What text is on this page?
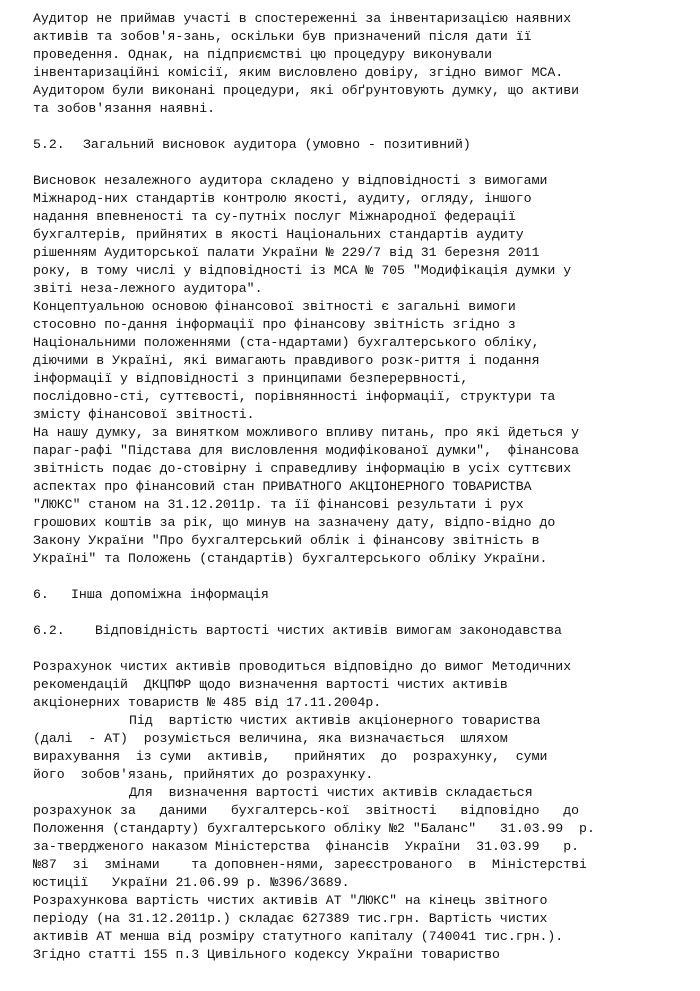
Аудитор не приймав участі в спостереженні за інвентаризацією наявних
активів та зобов'я-зань, оскільки був призначений після дати її
проведення. Однак, на підприємстві цю процедуру виконували
інвентаризаційні комісії, яким висловлено довіру, згідно вимог МСА.
Аудитором були виконані процедури, які обґрунтовують думку, що активи
та зобов'язання наявні.
5.2. Загальний висновок аудитора (умовно - позитивний)
Висновок незалежного аудитора складено у відповідності з вимогами
Міжнарод-них стандартів контролю якості, аудиту, огляду, іншого
надання впевненості та су-путніх послуг Міжнародної федерації
бухгалтерів, прийнятих в якості Національних стандартів аудиту
рішенням Аудиторської палати України № 229/7 від 31 березня 2011
року, в тому числі у відповідності із МСА № 705 "Модифікація думки у
звіті неза-лежного аудитора".
Концептуальною основою фінансової звітності є загальні вимоги
стосовно по-дання інформації про фінансову звітність згідно з
Національними положеннями (ста-ндартами) бухгалтерського обліку,
діючими в Україні, які вимагають правдивого розк-риття і подання
інформації у відповідності з принципами безперервності,
послідовно-сті, суттєвості, порівнянності інформації, структури та
змісту фінансової звітності.
На нашу думку, за винятком можливого впливу питань, про які йдеться у
параг-рафі "Підстава для висловлення модифікованої думки",  фінансова
звітність подає до-стовірну і справедливу інформацію в усіх суттєвих
аспектах про фінансовий стан ПРИВАТНОГО АКЦІОНЕРНОГО ТОВАРИСТВА
"ЛЮКС" станом на 31.12.2011р. та її фінансові результати і рух
грошових коштів за рік, що минув на зазначену дату, відпо-відно до
Закону України "Про бухгалтерський облік і фінансову звітність в
Україні" та Положень (стандартів) бухгалтерського обліку України.
6. Інша допоміжна інформація
6.2. Відповідність вартості чистих активів вимогам законодавства
Розрахунок чистих активів проводиться відповідно до вимог Методичних
рекомендацій  ДКЦПФР щодо визначення вартості чистих активів
акціонерних товариств № 485 від 17.11.2004р.
Під  вартістю чистих активів акціонерного товариства
(далі  - АТ)  розуміється величина, яка визначається  шляхом
вирахування  із суми  активів,   прийнятих  до  розрахунку,  суми
його  зобов'язань, прийнятих до розрахунку.
Для  визначення вартості чистих активів складається
розрахунок за   даними   бухгалтерсь-кої  звітності   відповідно   до
Положення (стандарту) бухгалтерського обліку №2 "Баланс"   31.03.99  р.
за-твердженого наказом Міністерства  фінансів  України  31.03.99   р.
№87  зі  змінами    та доповнен-нями, зареєстрованого  в  Міністерстві
юстиції   України 21.06.99 р. №396/3689.
Розрахункова вартість чистих активів АТ "ЛЮКС" на кінець звітного
періоду (на 31.12.2011р.) складає 627389 тис.грн. Вартість чистих
активів АТ менша від розміру статутного капіталу (740041 тис.грн.).
Згідно статті 155 п.3 Цивільного кодексу України товариство
